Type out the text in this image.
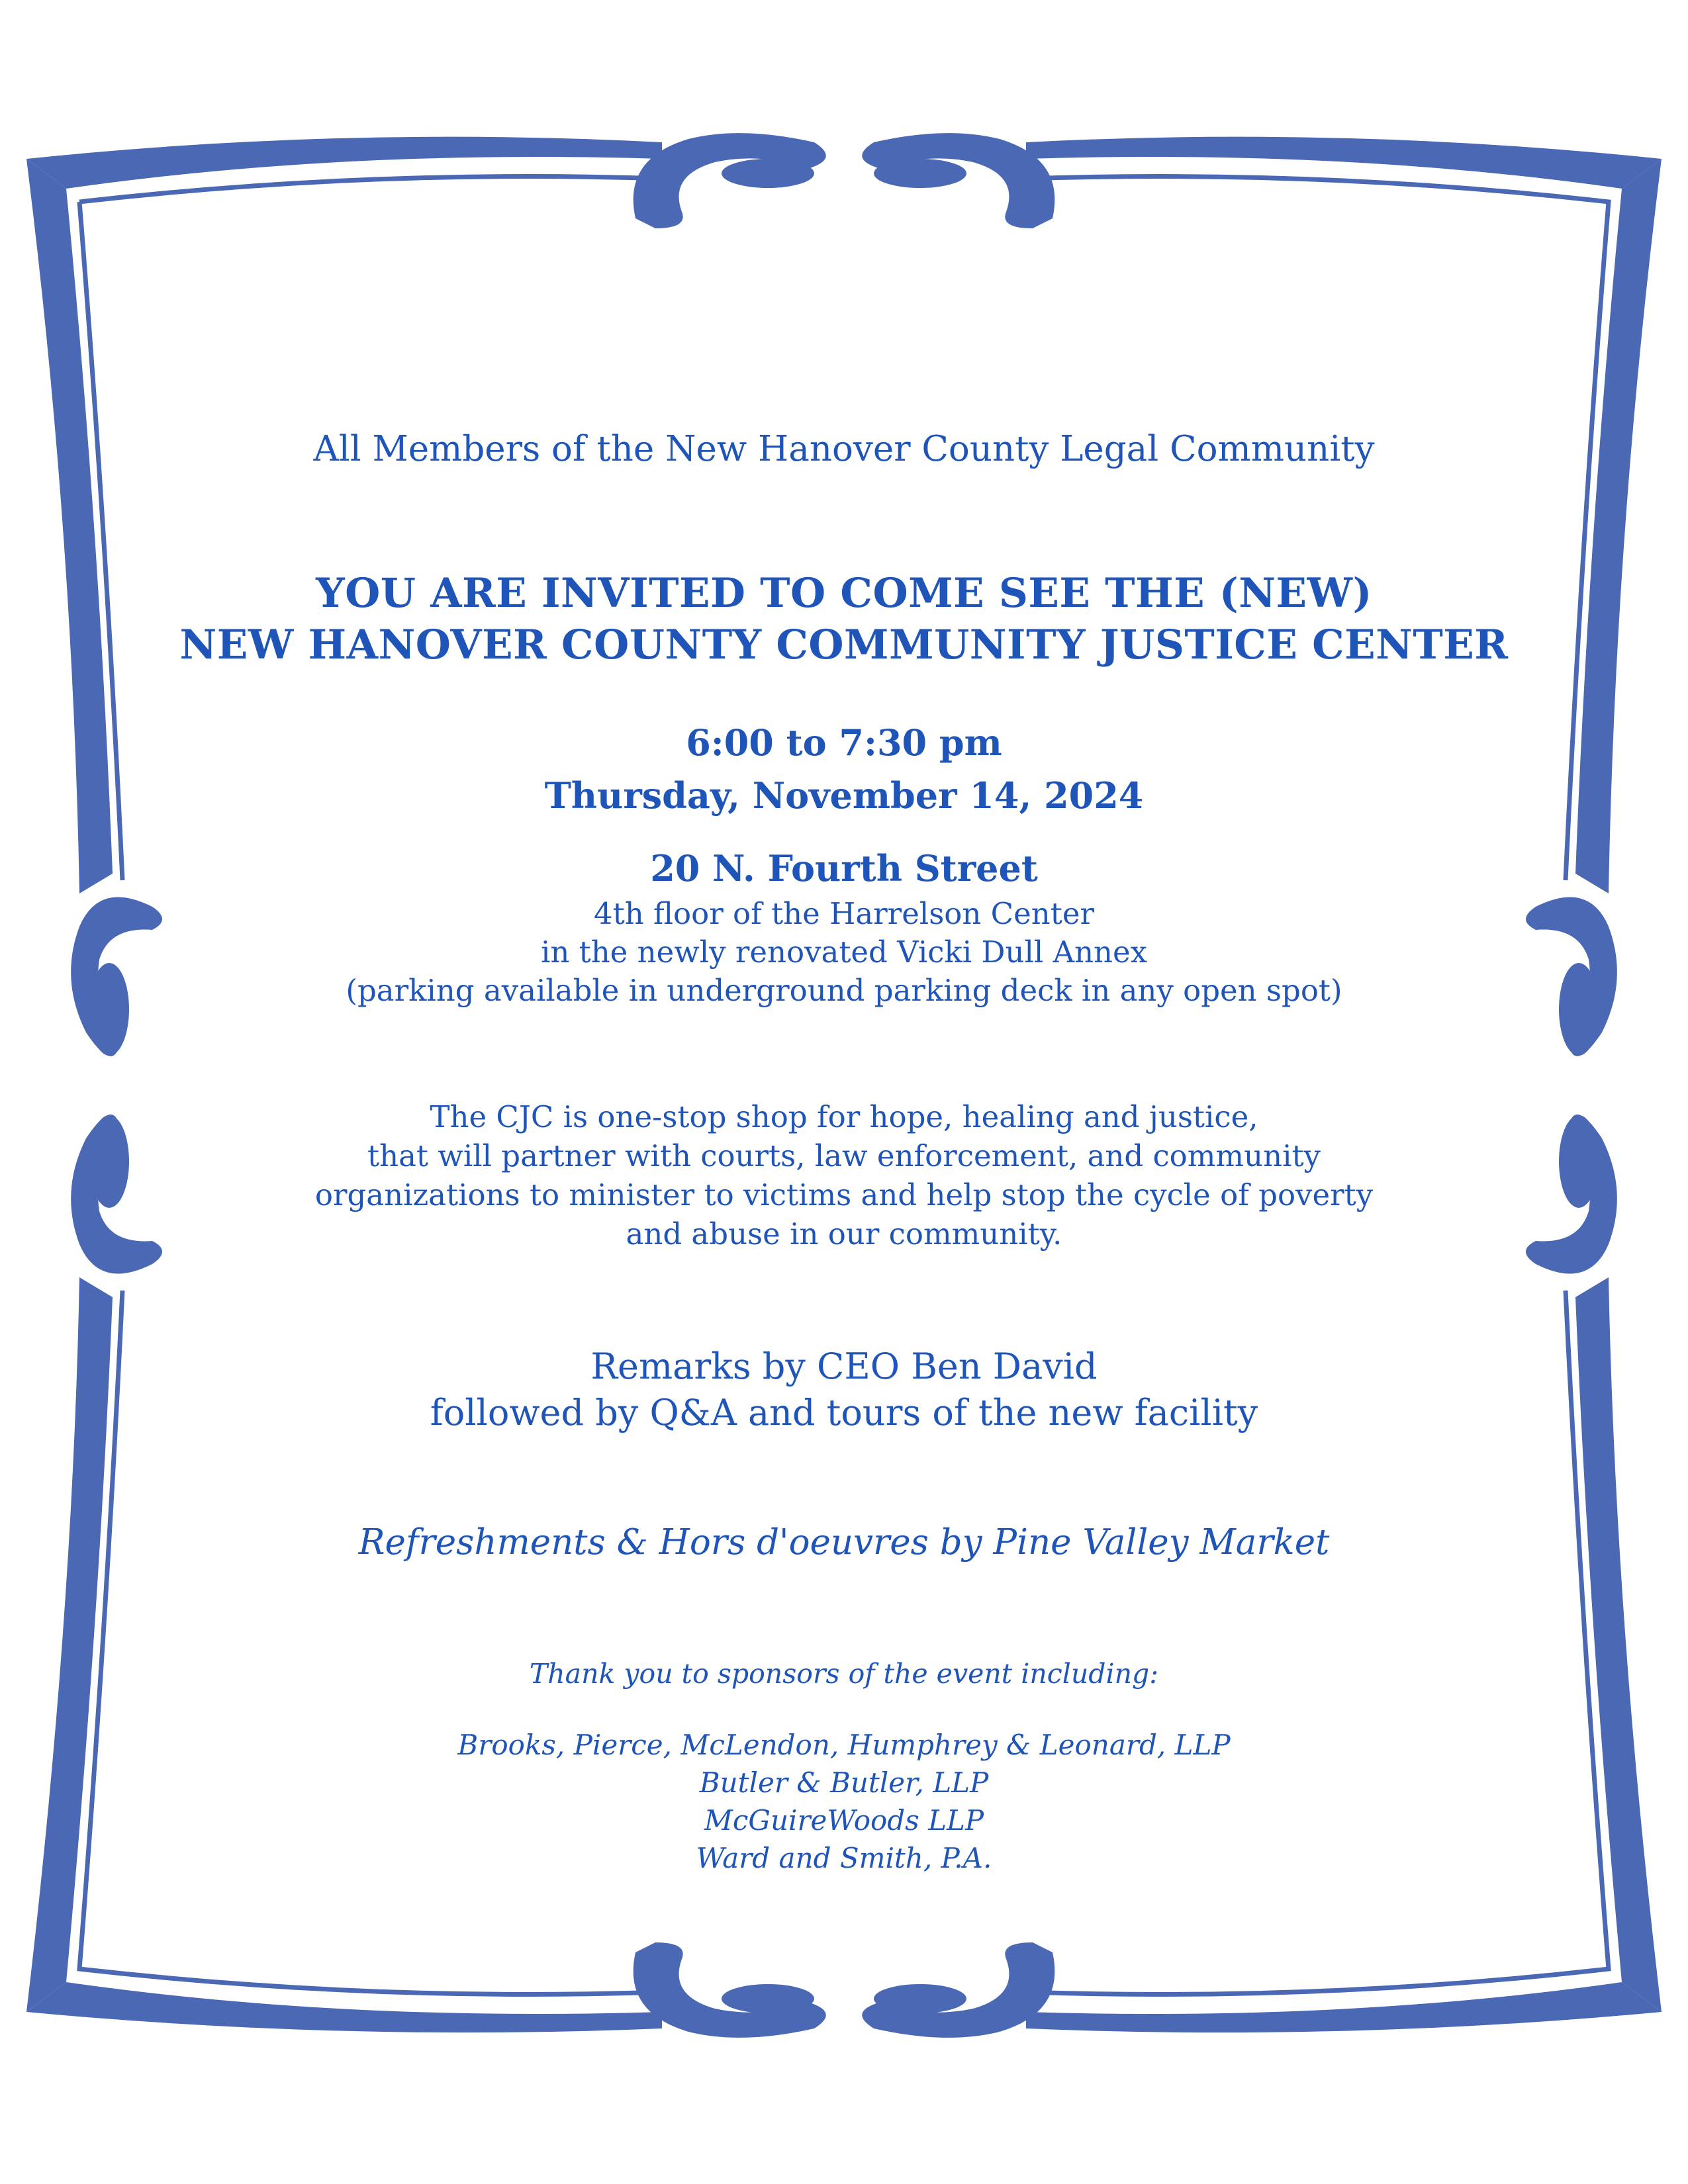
All Members of the New Hanover County Legal Community
YOU ARE INVITED TO COME SEE THE (NEW)
NEW HANOVER COUNTY COMMUNITY JUSTICE CENTER
6:00 to 7:30 pm
Thursday, November 14, 2024
20 N. Fourth Street
4th floor of the Harrelson Center
in the newly renovated Vicki Dull Annex
(parking available in underground parking deck in any open spot)
The CJC is one-stop shop for hope, healing and justice,
that will partner with courts, law enforcement, and community
organizations to minister to victims and help stop the cycle of poverty
and abuse in our community.
Remarks by CEO Ben David
followed by Q&A and tours of the new facility
Refreshments & Hors d'oeuvres by Pine Valley Market
Thank you to sponsors of the event including:
Brooks, Pierce, McLendon, Humphrey & Leonard, LLP
Butler & Butler, LLP
McGuireWoods LLP
Ward and Smith, P.A.
